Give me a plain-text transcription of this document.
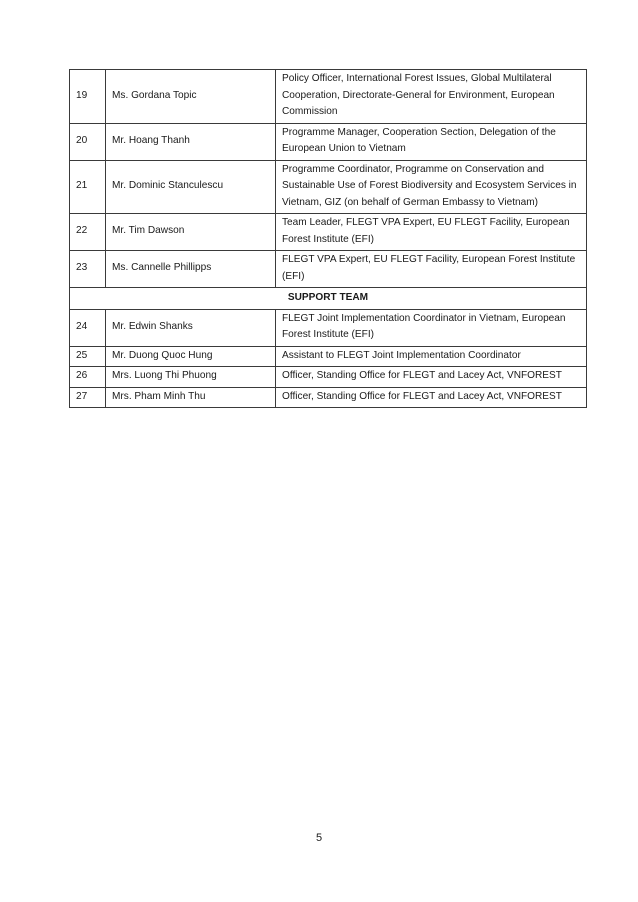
19	Ms. Gordana Topic	Policy Officer, International Forest Issues, Global Multilateral Cooperation, Directorate-General for Environment, European Commission
20	Mr. Hoang Thanh	Programme Manager, Cooperation Section, Delegation of the European Union to Vietnam
21	Mr. Dominic Stanculescu	Programme Coordinator, Programme on Conservation and Sustainable Use of Forest Biodiversity and Ecosystem Services in Vietnam, GIZ (on behalf of German Embassy to Vietnam)
22	Mr. Tim Dawson	Team Leader, FLEGT VPA Expert, EU FLEGT Facility, European Forest Institute (EFI)
23	Ms. Cannelle Phillipps	FLEGT VPA Expert, EU FLEGT Facility, European Forest Institute (EFI)
SUPPORT TEAM		
24	Mr. Edwin Shanks	FLEGT Joint Implementation Coordinator in Vietnam, European Forest Institute (EFI)
25	Mr. Duong Quoc Hung	Assistant to FLEGT Joint Implementation Coordinator
26	Mrs. Luong Thi Phuong	Officer, Standing Office for FLEGT and Lacey Act, VNFOREST
27	Mrs. Pham Minh Thu	Officer, Standing Office for FLEGT and Lacey Act, VNFOREST
5
